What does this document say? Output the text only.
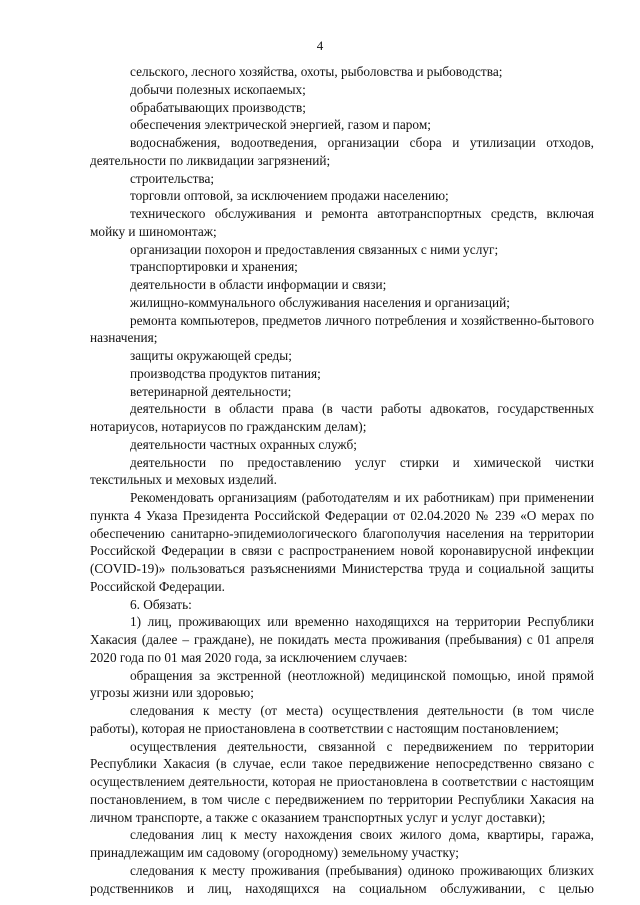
4

сельского, лесного хозяйства, охоты, рыболовства и рыбоводства;

добычи полезных ископаемых;

обрабатывающих производств;

обеспечения электрической энергией, газом и паром;

водоснабжения, водоотведения, организации сбора и утилизации отходов, деятельности по ликвидации загрязнений;

строительства;

торговли оптовой, за исключением продажи населению;

технического обслуживания и ремонта автотранспортных средств, включая мойку и шиномонтаж;

организации похорон и предоставления связанных с ними услуг;

транспортировки и хранения;

деятельности в области информации и связи;

жилищно-коммунального обслуживания населения и организаций;

ремонта компьютеров, предметов личного потребления и хозяйственно-бытового назначения;

защиты окружающей среды;

производства продуктов питания;

ветеринарной деятельности;

деятельности в области права (в части работы адвокатов, государственных нотариусов, нотариусов по гражданским делам);

деятельности частных охранных служб;

деятельности по предоставлению услуг стирки и химической чистки текстильных и меховых изделий.

Рекомендовать организациям (работодателям и их работникам) при применении пункта 4 Указа Президента Российской Федерации от 02.04.2020 № 239 «О мерах по обеспечению санитарно-эпидемиологического благополучия населения на территории Российской Федерации в связи с распространением новой коронавирусной инфекции (COVID-19)» пользоваться разъяснениями Министерства труда и социальной защиты Российской Федерации.

6. Обязать:

1) лиц, проживающих или временно находящихся на территории Республики Хакасия (далее – граждане), не покидать места проживания (пребывания) с 01 апреля 2020 года по 01 мая 2020 года, за исключением случаев:

обращения за экстренной (неотложной) медицинской помощью, иной прямой угрозы жизни или здоровью;

следования к месту (от места) осуществления деятельности (в том числе работы), которая не приостановлена в соответствии с настоящим постановлением;

осуществления деятельности, связанной с передвижением по территории Республики Хакасия (в случае, если такое передвижение непосредственно связано с осуществлением деятельности, которая не приостановлена в соответствии с настоящим постановлением, в том числе с передвижением по территории Республики Хакасия на личном транспорте, а также с оказанием транспортных услуг и услуг доставки);

следования лиц к месту нахождения своих жилого дома, квартиры, гаража, принадлежащим им садовому (огородному) земельному участку;

следования к месту проживания (пребывания) одиноко проживающих близких родственников и лиц, находящихся на социальном обслуживании, с целью
